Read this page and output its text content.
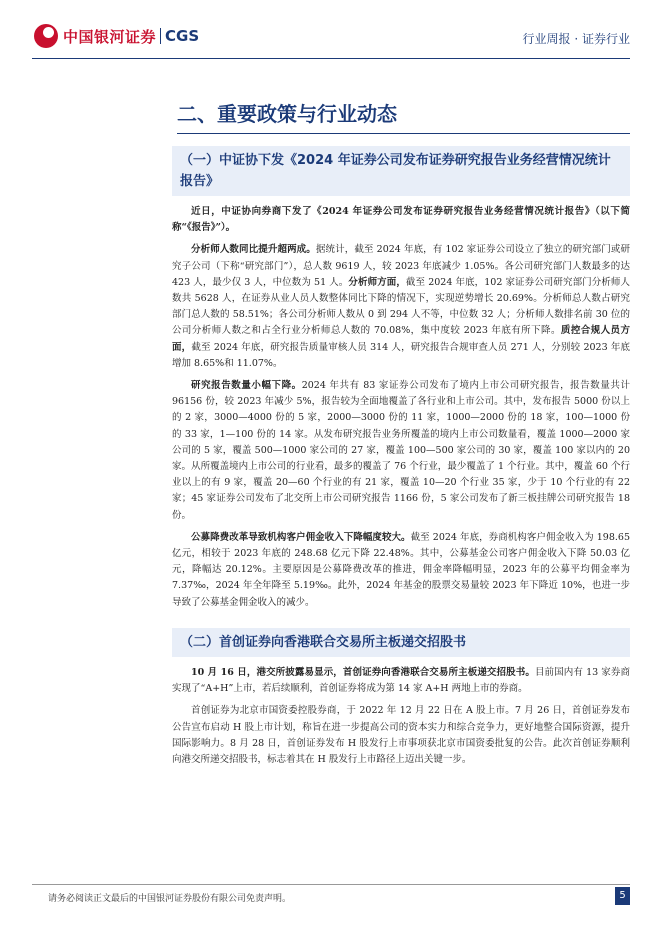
中国银河证券 CGS	行业周报 · 证券行业
二、重要政策与行业动态
（一）中证协下发《2024 年证券公司发布证券研究报告业务经营情况统计报告》

近日，中证协向券商下发了《2024 年证券公司发布证券研究报告业务经营情况统计报告》（以下简称“《报告》”）。

分析师人数同比提升超两成。据统计，截至 2024 年底，有 102 家证券公司设立了独立的研究部门或研究子公司（下称“研究部门”），总人数 9619 人，较 2023 年底减少 1.05%。各公司研究部门人数最多的达 423 人，最少仅 3 人，中位数为 51 人。分析师方面，截至 2024 年底，102 家证券公司研究部门分析师人数共 5628 人，在证券从业人员人数整体同比下降的情况下，实现逆势增长 20.69%。分析师总人数占研究部门总人数的 58.51%；各公司分析师人数从 0 到 294 人不等，中位数 32 人；分析师人数排名前 30 位的公司分析师人数之和占全行业分析师总人数的 70.08%，集中度较 2023 年底有所下降。质控合规人员方面，截至 2024 年底，研究报告质量审核人员 314 人，研究报告合规审查人员 271 人，分别较 2023 年底增加 8.65%和 11.07%。

研究报告数量小幅下降。2024 年共有 83 家证券公司发布了境内上市公司研究报告，报告数量共计 96156 份，较 2023 年减少 5%，报告较为全面地覆盖了各行业和上市公司。其中，发布报告 5000 份以上的 2 家，3000—4000 份的 5 家，2000—3000 份的 11 家，1000—2000 份的 18 家，100—1000 份的 33 家，1—100 份的 14 家。从发布研究报告业务所覆盖的境内上市公司数量看，覆盖 1000—2000 家公司的 5 家，覆盖 500—1000 家公司的 27 家，覆盖 100—500 家公司的 30 家，覆盖 100 家以内的 20 家。从所覆盖境内上市公司的行业看，最多的覆盖了 76 个行业，最少覆盖了 1 个行业。其中，覆盖 60 个行业以上的有 9 家，覆盖 20—60 个行业的有 21 家，覆盖 10—20 个行业 35 家，少于 10 个行业的有 22 家；45 家证券公司发布了北交所上市公司研究报告 1166 份，5 家公司发布了新三板挂牌公司研究报告 18 份。

公募降费改革导致机构客户佣金收入下降幅度较大。截至 2024 年底，券商机构客户佣金收入为 198.65 亿元，相较于 2023 年底的 248.68 亿元下降 22.48%。其中，公募基金公司客户佣金收入下降 50.03 亿元，降幅达 20.12%。主要原因是公募降费改革的推进，佣金率降幅明显，2023 年的公募平均佣金率为 7.37‰，2024 年全年降至 5.19‰。此外，2024 年基金的股票交易量较 2023 年下降近 10%，也进一步导致了公募基金佣金收入的减少。

（二）首创证券向香港联合交易所主板递交招股书

10 月 16 日，港交所披露易显示，首创证券向香港联合交易所主板递交招股书。目前国内有 13 家券商实现了“A+H”上市，若后续顺利，首创证券将成为第 14 家 A+H 两地上市的券商。

首创证券为北京市国资委控股券商，于 2022 年 12 月 22 日在 A 股上市。7 月 26 日，首创证券发布公告宣布启动 H 股上市计划，称旨在进一步提高公司的资本实力和综合竞争力，更好地整合国际资源，提升国际影响力。8 月 28 日，首创证券发布 H 股发行上市事项获北京市国资委批复的公告。此次首创证券顺利向港交所递交招股书，标志着其在 H 股发行上市路径上迈出关键一步。

请务必阅读正文最后的中国银河证券股份有限公司免责声明。	5
